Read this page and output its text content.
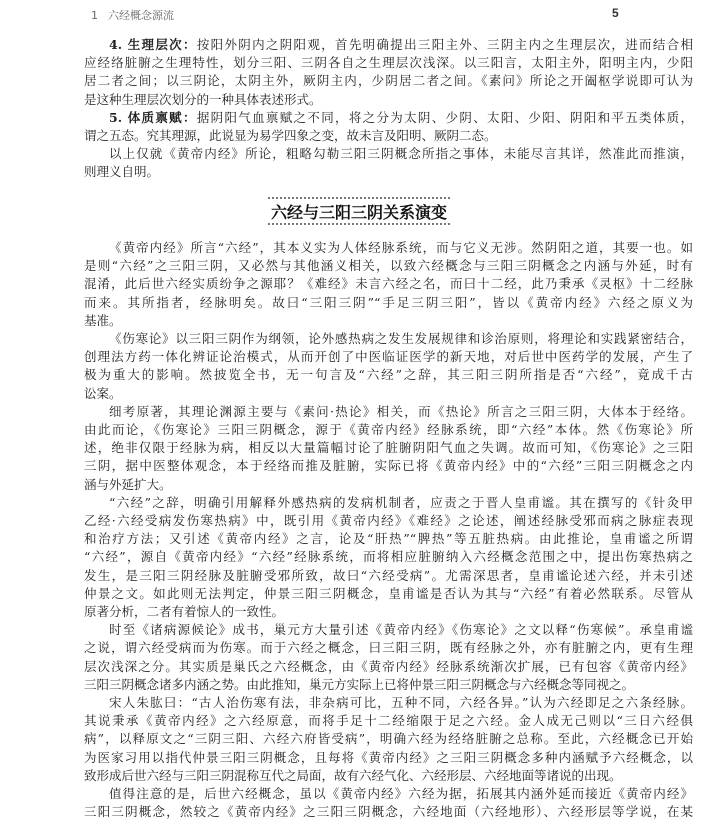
1 六经概念源流	5
4. 生理层次：按阳外阴内之阴阳观，首先明确提出三阳主外、三阴主内之生理层次，进而结合相
应经络脏腑之生理特性，划分三阳、三阴各自之生理层次浅深。以三阳言，太阳主外，阳明主内，少阳
居二者之间；以三阴论，太阴主外，厥阴主内，少阴居二者之间。《素问》所论之开阖枢学说即可认为
是这种生理层次划分的一种具体表述形式。
5. 体质禀赋：据阴阳气血禀赋之不同，将之分为太阴、少阴、太阳、少阳、阴阳和平五类体质，
谓之五态。究其理源，此说显为易学四象之变，故未言及阳明、厥阴二态。
以上仅就《黄帝内经》所论，粗略勾勒三阳三阴概念所指之事体，未能尽言其详，然准此而推演，
则理义自明。
六经与三阳三阴关系演变
《黄帝内经》所言“六经”，其本义实为人体经脉系统，而与它义无涉。然阴阳之道，其要一也。如
是则“六经”之三阳三阴，又必然与其他涵义相关，以致六经概念与三阳三阴概念之内涵与外延，时有
混淆，此后世六经实质纷争之源耶？《难经》未言六经之名，而曰十二经，此乃秉承《灵枢》十二经脉
而来。其所指者，经脉明矣。故曰“三阳三阴”“手足三阴三阳”，皆以《黄帝内经》六经之原义为
基准。
《伤寒论》以三阳三阴作为纲领，论外感热病之发生发展规律和诊治原则，将理论和实践紧密结合，
创理法方药一体化辨证论治模式，从而开创了中医临证医学的新天地，对后世中医药学的发展，产生了
极为重大的影响。然披览全书，无一句言及“六经”之辞，其三阳三阴所指是否“六经”，竟成千古
讼案。
细考原著，其理论渊源主要与《素问·热论》相关，而《热论》所言之三阳三阴，大体本于经络。
由此而论，《伤寒论》三阳三阴概念，源于《黄帝内经》经脉系统，即“六经”本体。然《伤寒论》所
述，绝非仅限于经脉为病，相反以大量篇幅讨论了脏腑阴阳气血之失调。故而可知，《伤寒论》之三阳
三阴，据中医整体观念，本于经络而推及脏腑，实际已将《黄帝内经》中的“六经”三阳三阴概念之内
涵与外延扩大。
“六经”之辞，明确引用解释外感热病的发病机制者，应责之于晋人皇甫谧。其在撰写的《针灸甲
乙经·六经受病发伤寒热病》中，既引用《黄帝内经》《难经》之论述，阐述经脉受邪而病之脉症表现
和治疗方法；又引述《黄帝内经》之言，论及“肝热”“脾热”等五脏热病。由此推论，皇甫谧之所谓
“六经”，源自《黄帝内经》“六经”经脉系统，而将相应脏腑纳入六经概念范围之中，提出伤寒热病之
发生，是三阳三阴经脉及脏腑受邪所致，故曰“六经受病”。尤需深思者，皇甫谧论述六经，并未引述
仲景之文。如此则无法判定，仲景三阳三阴概念，皇甫谧是否认为其与“六经”有着必然联系。尽管从
原著分析，二者有着惊人的一致性。
时至《诸病源候论》成书，巢元方大量引述《黄帝内经》《伤寒论》之文以释“伤寒候”。承皇甫谧
之说，谓六经受病而为伤寒。而于六经之概念，曰三阳三阴，既有经脉之外，亦有脏腑之内，更有生理
层次浅深之分。其实质是巢氏之六经概念，由《黄帝内经》经脉系统渐次扩展，已有包容《黄帝内经》
三阳三阴概念诸多内涵之势。由此推知，巢元方实际上已将仲景三阳三阴概念与六经概念等同视之。
宋人朱肱曰：“古人治伤寒有法，非杂病可比，五种不同，六经各异。”认为六经即足之六条经脉。
其说秉承《黄帝内经》之六经原意，而将手足十二经缩限于足之六经。金人成无己则以“三日六经俱
病”，以释原文之“三阴三阳、六经六府皆受病”，明确六经为经络脏腑之总称。至此，六经概念已开始
为医家习用以指代仲景三阳三阴概念，且每将《黄帝内经》之三阳三阴概念多种内涵赋予六经概念，以
致形成后世六经与三阳三阴混称互代之局面，故有六经气化、六经形层、六经地面等诸说的出现。
值得注意的是，后世六经概念，虽以《黄帝内经》六经为据，拓展其内涵外延而接近《黄帝内经》
三阳三阴概念，然较之《黄帝内经》之三阳三阴概念，六经地面（六经地形）、六经形层等学说，在某
